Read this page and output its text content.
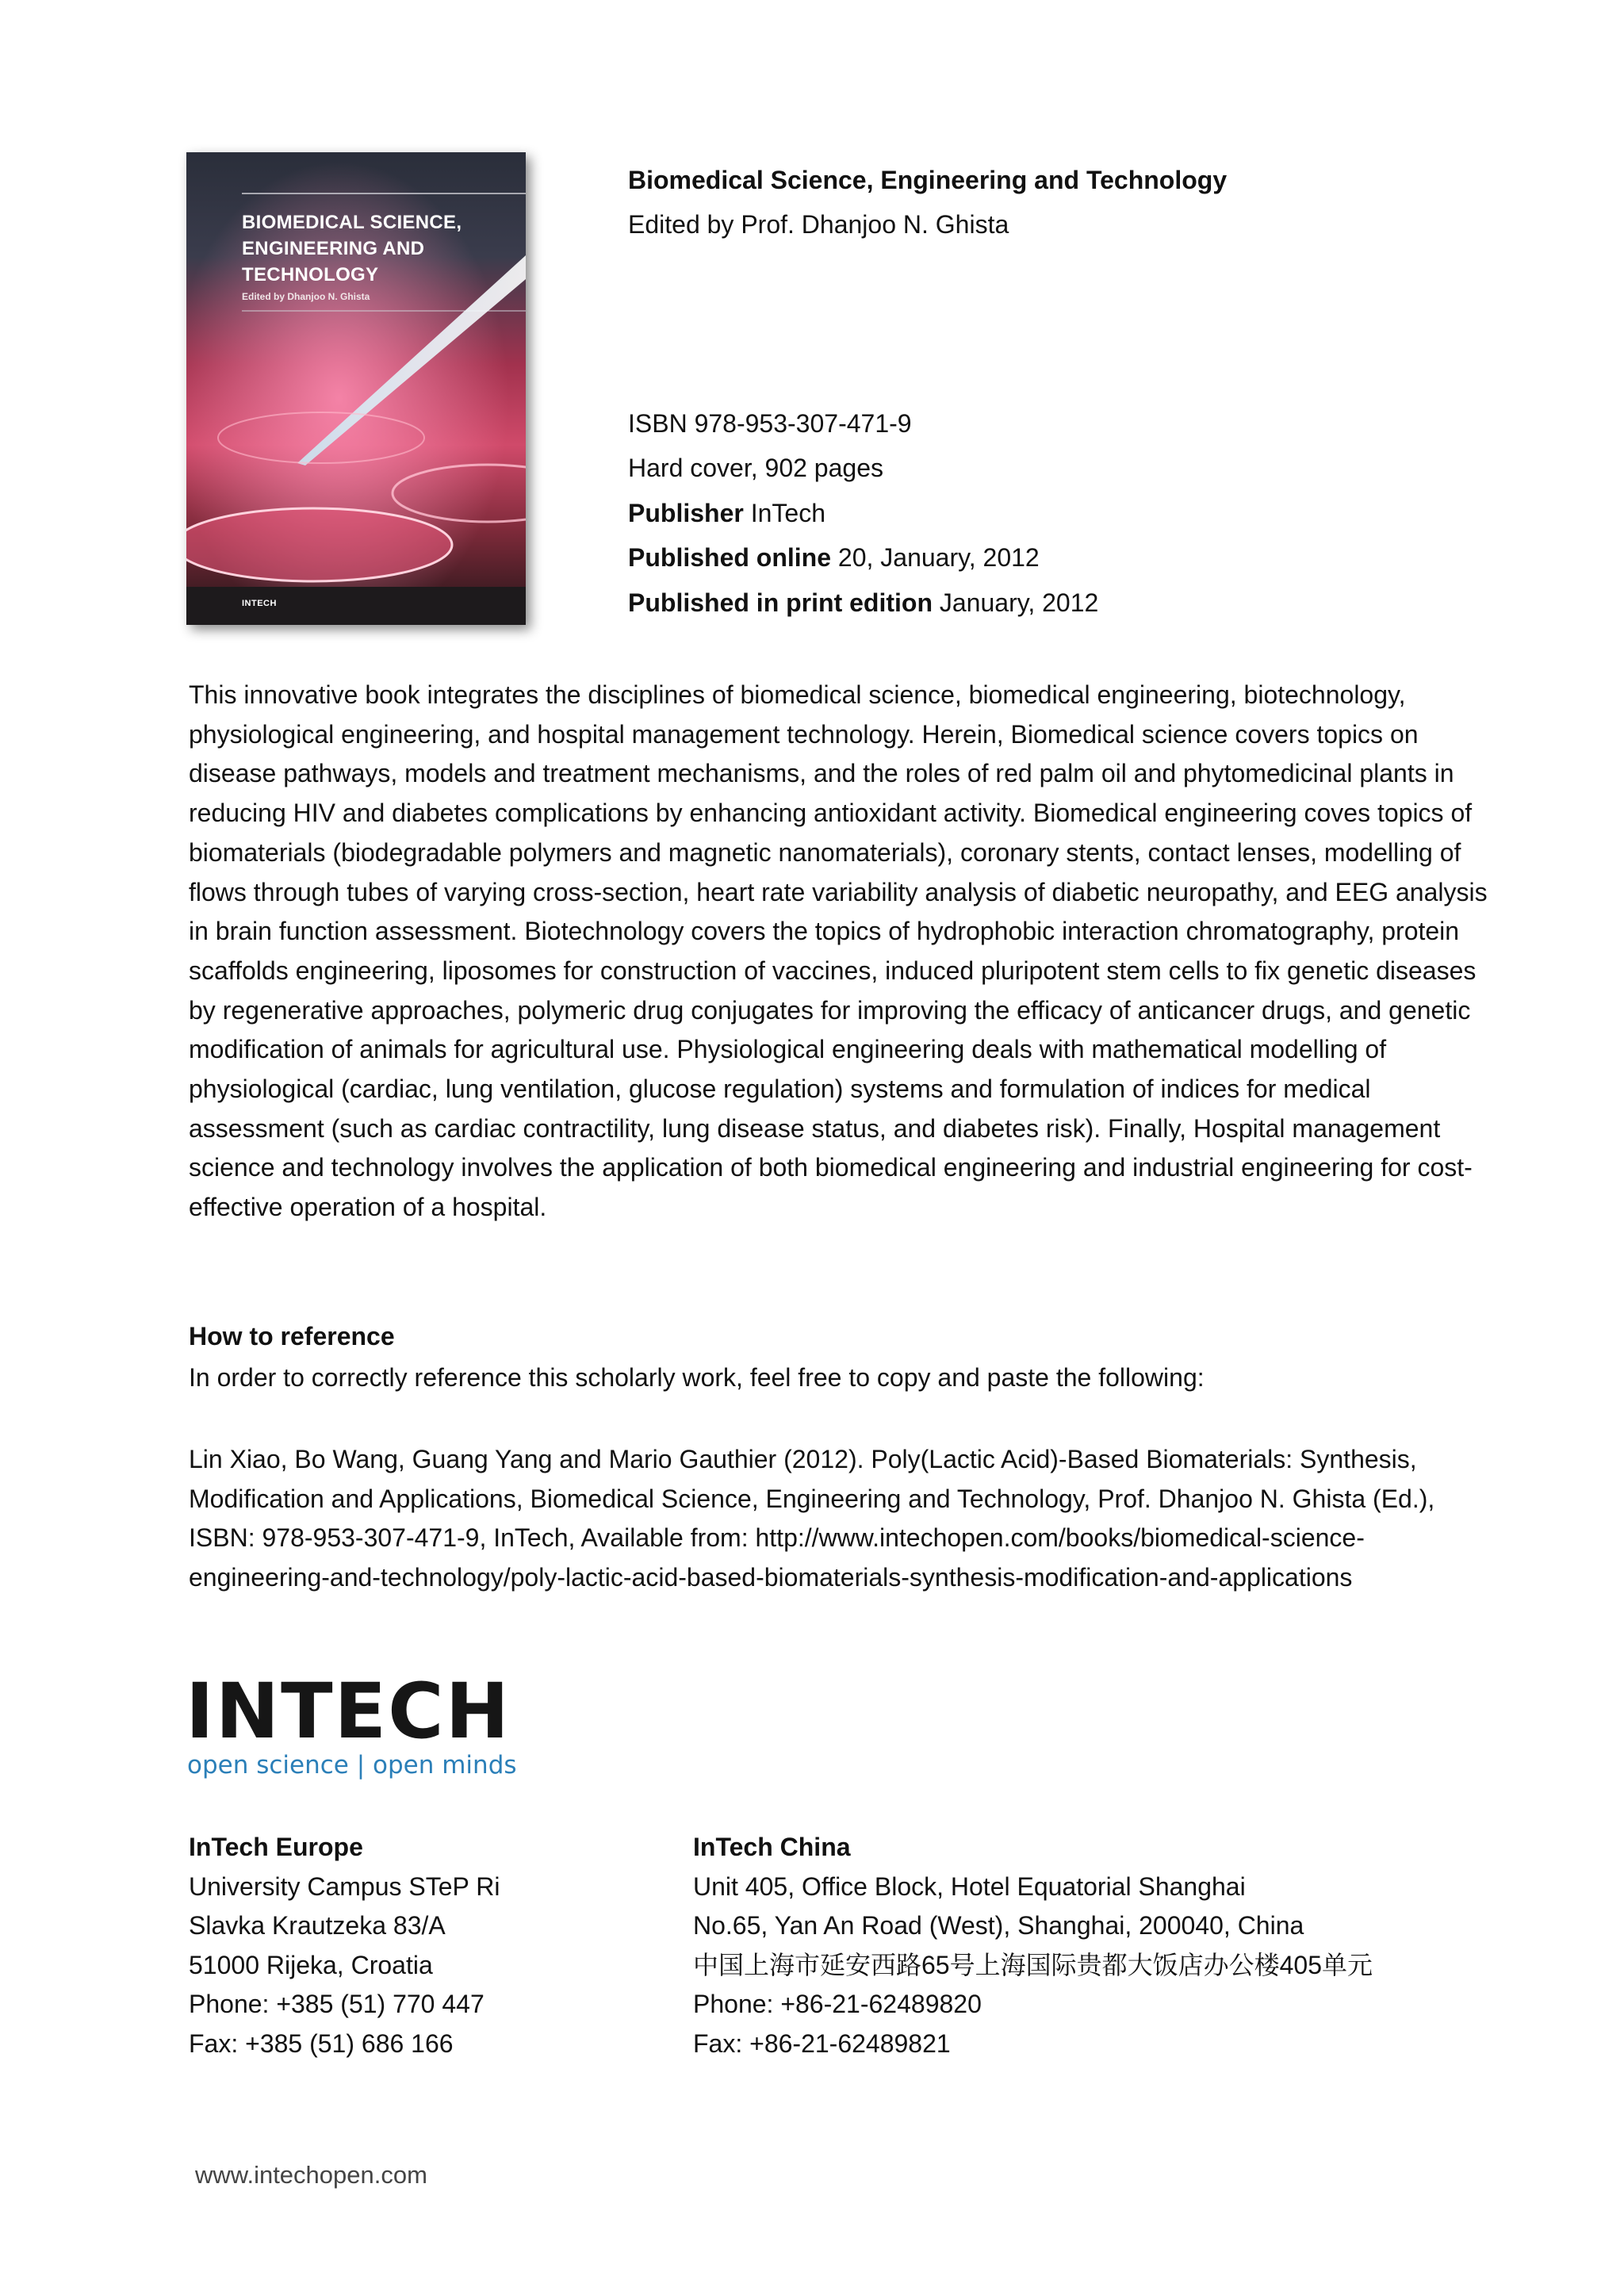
BIOMEDICAL SCIENCE, ENGINEERING AND TECHNOLOGY
Edited by Dhanjoo N. Ghista
INTECH
Biomedical Science, Engineering and Technology
Edited by Prof. Dhanjoo N. Ghista
ISBN 978-953-307-471-9
Hard cover, 902 pages
Publisher InTech
Published online 20, January, 2012
Published in print edition January, 2012

This innovative book integrates the disciplines of biomedical science, biomedical engineering, biotechnology, physiological engineering, and hospital management technology. Herein, Biomedical science covers topics on disease pathways, models and treatment mechanisms, and the roles of red palm oil and phytomedicinal plants in reducing HIV and diabetes complications by enhancing antioxidant activity. Biomedical engineering coves topics of biomaterials (biodegradable polymers and magnetic nanomaterials), coronary stents, contact lenses, modelling of flows through tubes of varying cross-section, heart rate variability analysis of diabetic neuropathy, and EEG analysis in brain function assessment. Biotechnology covers the topics of hydrophobic interaction chromatography, protein scaffolds engineering, liposomes for construction of vaccines, induced pluripotent stem cells to fix genetic diseases by regenerative approaches, polymeric drug conjugates for improving the efficacy of anticancer drugs, and genetic modification of animals for agricultural use. Physiological engineering deals with mathematical modelling of physiological (cardiac, lung ventilation, glucose regulation) systems and formulation of indices for medical assessment (such as cardiac contractility, lung disease status, and diabetes risk). Finally, Hospital management science and technology involves the application of both biomedical engineering and industrial engineering for cost-effective operation of a hospital.

How to reference
In order to correctly reference this scholarly work, feel free to copy and paste the following:

Lin Xiao, Bo Wang, Guang Yang and Mario Gauthier (2012). Poly(Lactic Acid)-Based Biomaterials: Synthesis, Modification and Applications, Biomedical Science, Engineering and Technology, Prof. Dhanjoo N. Ghista (Ed.), ISBN: 978-953-307-471-9, InTech, Available from: http://www.intechopen.com/books/biomedical-science-engineering-and-technology/poly-lactic-acid-based-biomaterials-synthesis-modification-and-applications

INTECH
open science | open minds
InTech Europe
University Campus STeP Ri
Slavka Krautzeka 83/A
51000 Rijeka, Croatia
Phone: +385 (51) 770 447
Fax: +385 (51) 686 166
InTech China
Unit 405, Office Block, Hotel Equatorial Shanghai
No.65, Yan An Road (West), Shanghai, 200040, China
中国上海市延安西路65号上海国际贵都大饭店办公楼405单元
Phone: +86-21-62489820
Fax: +86-21-62489821
www.intechopen.com
